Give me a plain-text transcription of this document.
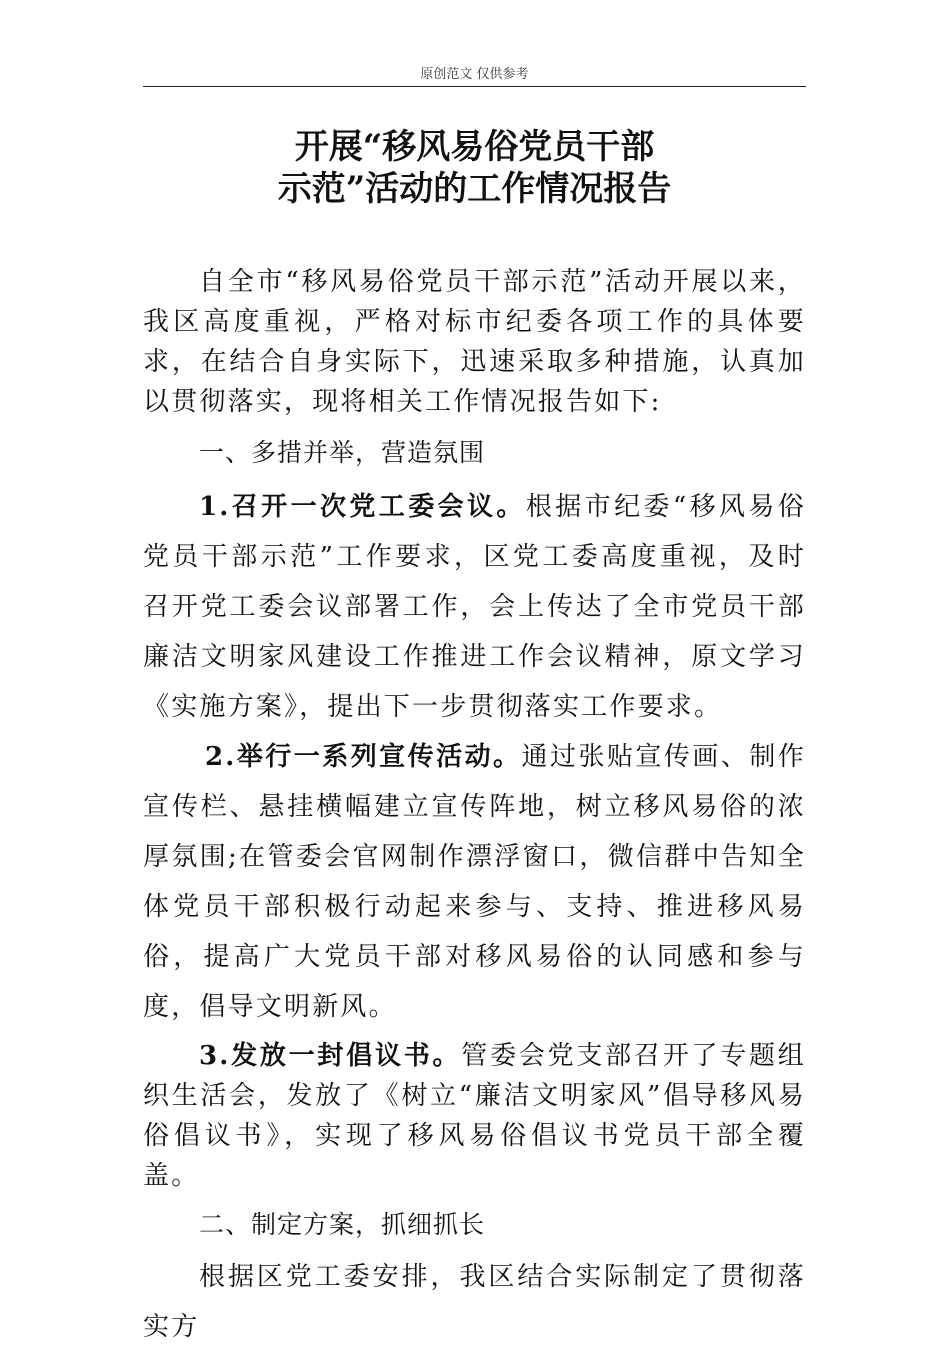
原创范文 仅供参考
开展“移风易俗党员干部
示范”活动的工作情况报告

自全市“移风易俗党员干部示范”活动开展以来，我区高度重视，严格对标市纪委各项工作的具体要求，在结合自身实际下，迅速采取多种措施，认真加以贯彻落实，现将相关工作情况报告如下:

一、多措并举，营造氛围

1.召开一次党工委会议。根据市纪委“移风易俗党员干部示范”工作要求，区党工委高度重视，及时召开党工委会议部署工作，会上传达了全市党员干部廉洁文明家风建设工作推进工作会议精神，原文学习《实施方案》，提出下一步贯彻落实工作要求。

2.举行一系列宣传活动。通过张贴宣传画、制作宣传栏、悬挂横幅建立宣传阵地，树立移风易俗的浓厚氛围;在管委会官网制作漂浮窗口，微信群中告知全体党员干部积极行动起来参与、支持、推进移风易俗，提高广大党员干部对移风易俗的认同感和参与度，倡导文明新风。

3.发放一封倡议书。管委会党支部召开了专题组织生活会，发放了《树立“廉洁文明家风”倡导移风易俗倡议书》，实现了移风易俗倡议书党员干部全覆盖。

二、制定方案，抓细抓长

根据区党工委安排，我区结合实际制定了贯彻落实方
